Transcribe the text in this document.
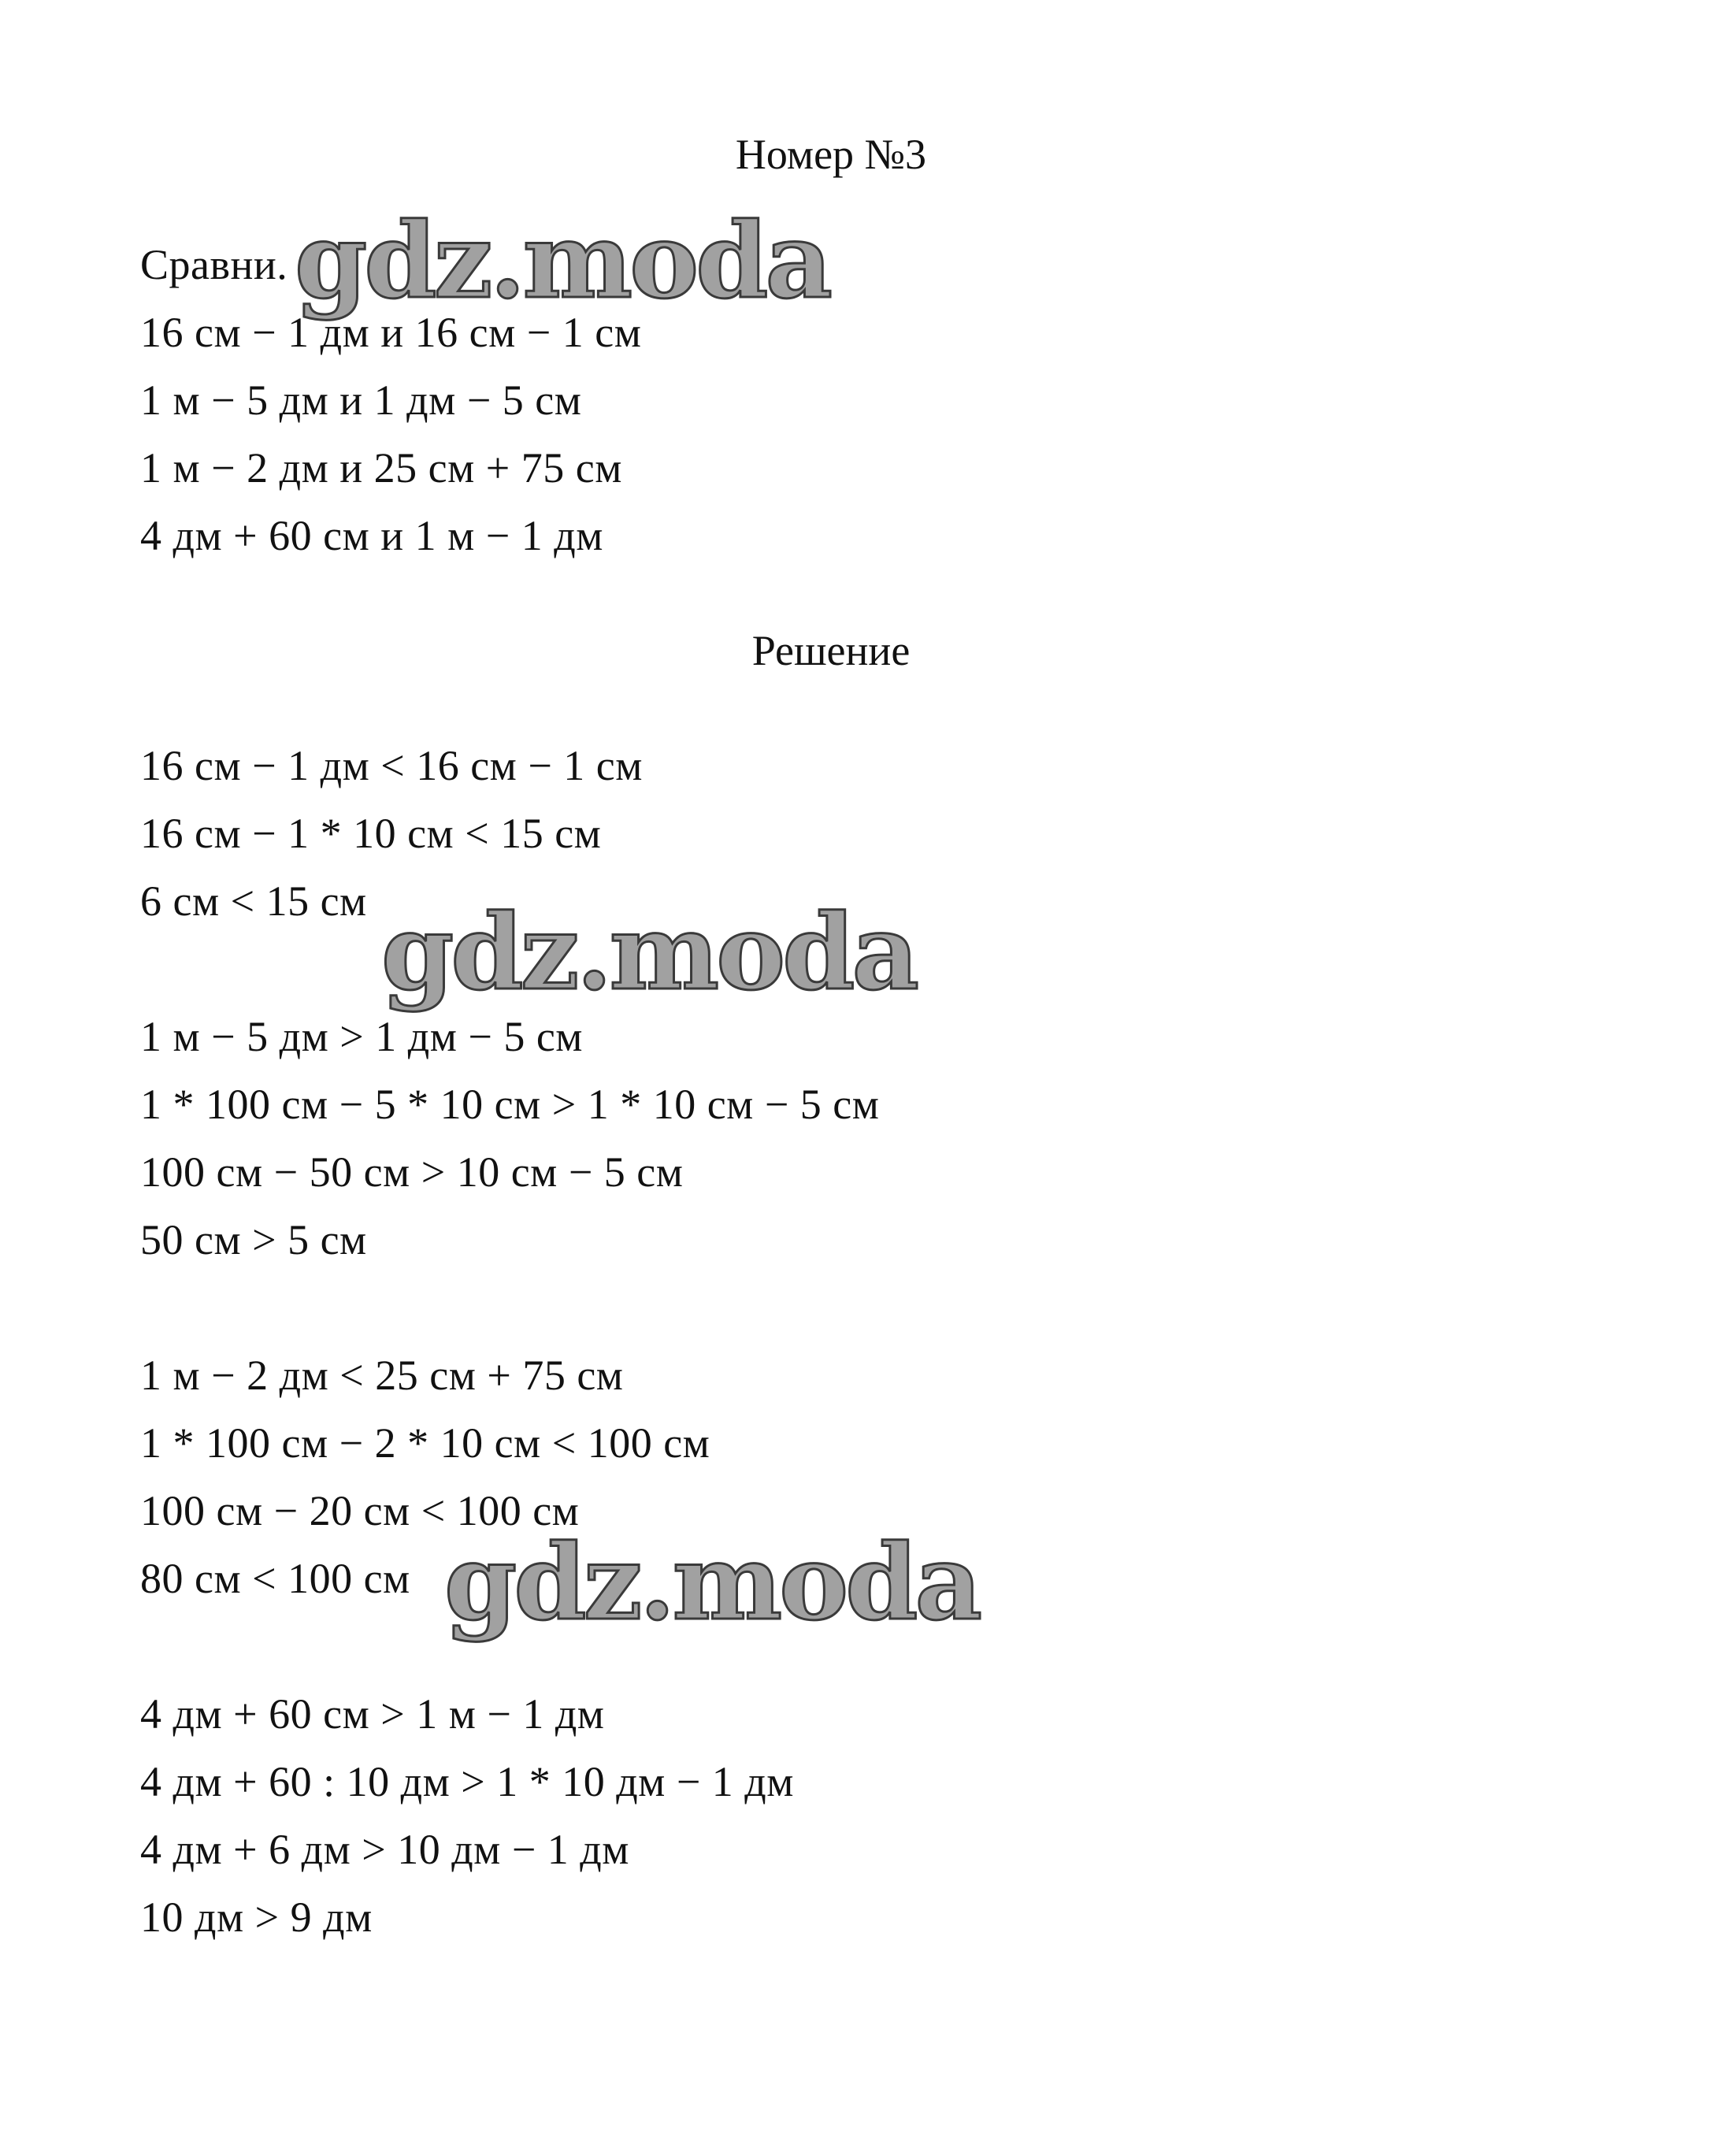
Номер №3
Сравни.
16 см − 1 дм и 16 см − 1 см
1 м − 5 дм и 1 дм − 5 см
1 м − 2 дм и 25 см + 75 см
4 дм + 60 см и 1 м − 1 дм
Решение
16 см − 1 дм < 16 см − 1 см
16 см − 1 * 10 см < 15 см
6 см < 15 см
1 м − 5 дм > 1 дм − 5 см
1 * 100 см − 5 * 10 см > 1 * 10 см − 5 см
100 см − 50 см > 10 см − 5 см
50 см > 5 см
1 м − 2 дм < 25 см + 75 см
1 * 100 см − 2 * 10 см < 100 см
100 см − 20 см < 100 см
80 см < 100 см
4 дм + 60 см > 1 м − 1 дм
4 дм + 60 : 10 дм > 1 * 10 дм − 1 дм
4 дм + 6 дм > 10 дм − 1 дм
10 дм > 9 дм
gdz.moda
gdz.moda
gdz.moda
